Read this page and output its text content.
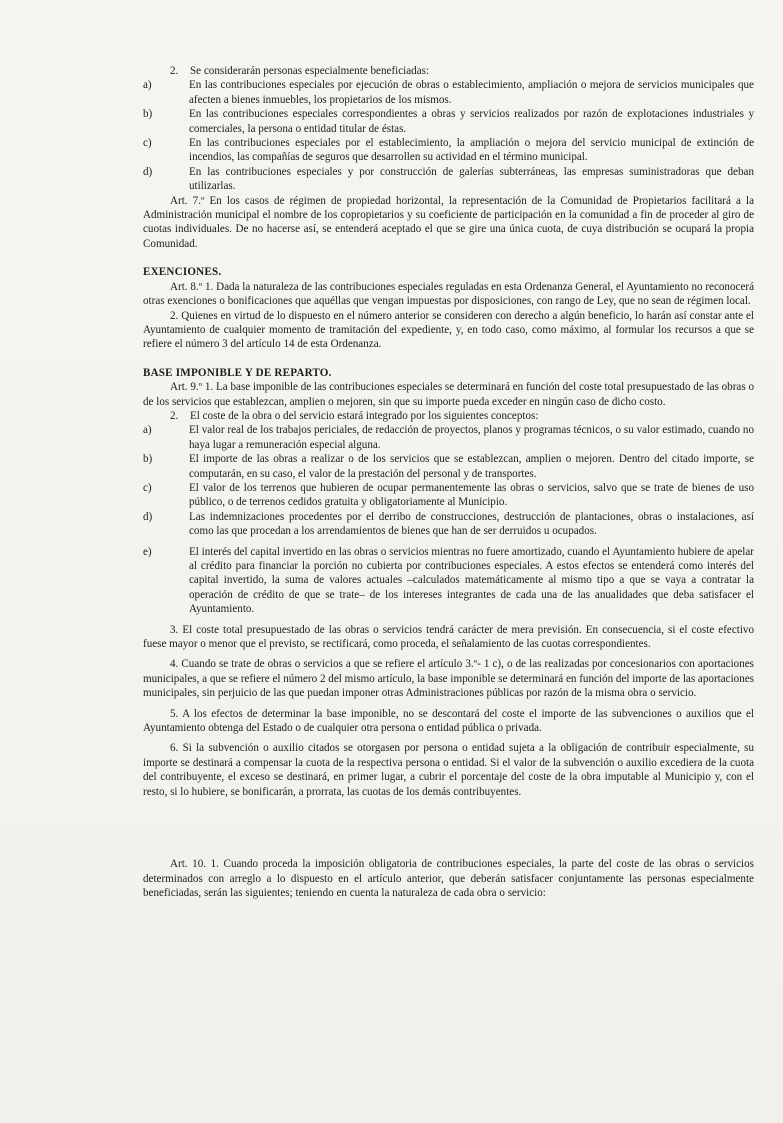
2.	Se considerarán personas especialmente beneficiadas:

a)	En las contribuciones especiales por ejecución de obras o establecimiento, ampliación o mejora de servicios municipales que afecten a bienes inmuebles, los propietarios de los mismos.

b)	En las contribuciones especiales correspondientes a obras y servicios realizados por razón de explotaciones industriales y comerciales, la persona o entidad titular de éstas.

c)	En las contribuciones especiales por el establecimiento, la ampliación o mejora del servicio municipal de extinción de incendios, las compañías de seguros que desarrollen su actividad en el término municipal.

d)	En las contribuciones especiales y por construcción de galerías subterráneas, las empresas suministradoras que deban utilizarlas.

Art. 7.º En los casos de régimen de propiedad horizontal, la representación de la Comunidad de Propietarios facilitará a la Administración municipal el nombre de los copropietarios y su coeficiente de participación en la comunidad a fin de proceder al giro de cuotas individuales. De no hacerse así, se entenderá aceptado el que se gire una única cuota, de cuya distribución se ocupará la propia Comunidad.

EXENCIONES.

Art. 8.º 1. Dada la naturaleza de las contribuciones especiales reguladas en esta Ordenanza General, el Ayuntamiento no reconocerá otras exenciones o bonificaciones que aquéllas que vengan impuestas por disposiciones, con rango de Ley, que no sean de régimen local.

2. Quienes en virtud de lo dispuesto en el número anterior se consideren con derecho a algún beneficio, lo harán así constar ante el Ayuntamiento de cualquier momento de tramitación del expediente, y, en todo caso, como máximo, al formular los recursos a que se refiere el número 3 del artículo 14 de esta Ordenanza.

BASE IMPONIBLE Y DE REPARTO.

Art. 9.º 1. La base imponible de las contribuciones especiales se determinará en función del coste total presupuestado de las obras o de los servicios que establezcan, amplien o mejoren, sin que su importe pueda exceder en ningún caso de dicho costo.

2.	El coste de la obra o del servicio estará integrado por los siguientes conceptos:

a)	El valor real de los trabajos periciales, de redacción de proyectos, planos y programas técnicos, o su valor estimado, cuando no haya lugar a remuneración especial alguna.

b)	El importe de las obras a realizar o de los servicios que se establezcan, amplien o mejoren. Dentro del citado importe, se computarán, en su caso, el valor de la prestación del personal y de transportes.

c)	El valor de los terrenos que hubieren de ocupar permanentemente las obras o servicios, salvo que se trate de bienes de uso público, o de terrenos cedidos gratuita y obligatoriamente al Municipio.

d)	Las indemnizaciones procedentes por el derribo de construcciones, destrucción de plantaciones, obras o instalaciones, así como las que procedan a los arrendamientos de bienes que han de ser derruidos u ocupados.

e)	El interés del capital invertido en las obras o servicios mientras no fuere amortizado, cuando el Ayuntamiento hubiere de apelar al crédito para financiar la porción no cubierta por contribuciones especiales. A estos efectos se entenderá como interés del capital invertido, la suma de valores actuales –calculados matemáticamente al mismo tipo a que se vaya a contratar la operación de crédito de que se trate– de los intereses integrantes de cada una de las anualidades que deba satisfacer el Ayuntamiento.

3. El coste total presupuestado de las obras o servicios tendrá carácter de mera previsión. En consecuencia, si el coste efectivo fuese mayor o menor que el previsto, se rectificará, como proceda, el señalamiento de las cuotas correspondientes.

4. Cuando se trate de obras o servicios a que se refiere el artículo 3.º- 1 c), o de las realizadas por concesionarios con aportaciones municipales, a que se refiere el número 2 del mismo artículo, la base imponible se determinará en función del importe de las aportaciones municipales, sin perjuicio de las que puedan imponer otras Administraciones públicas por razón de la misma obra o servicio.

5. A los efectos de determinar la base imponible, no se descontará del coste el importe de las subvenciones o auxilios que el Ayuntamiento obtenga del Estado o de cualquier otra persona o entidad pública o privada.

6. Si la subvención o auxilio citados se otorgasen por persona o entidad sujeta a la obligación de contribuir especialmente, su importe se destinará a compensar la cuota de la respectiva persona o entidad. Si el valor de la subvención o auxilio excediera de la cuota del contribuyente, el exceso se destinará, en primer lugar, a cubrir el porcentaje del coste de la obra imputable al Municipio y, con el resto, si lo hubiere, se bonificarán, a prorrata, las cuotas de los demás contribuyentes.

Art. 10. 1. Cuando proceda la imposición obligatoria de contribuciones especiales, la parte del coste de las obras o servicios determinados con arreglo a lo dispuesto en el artículo anterior, que deberán satisfacer conjuntamente las personas especialmente beneficiadas, serán las siguientes; teniendo en cuenta la naturaleza de cada obra o servicio:
